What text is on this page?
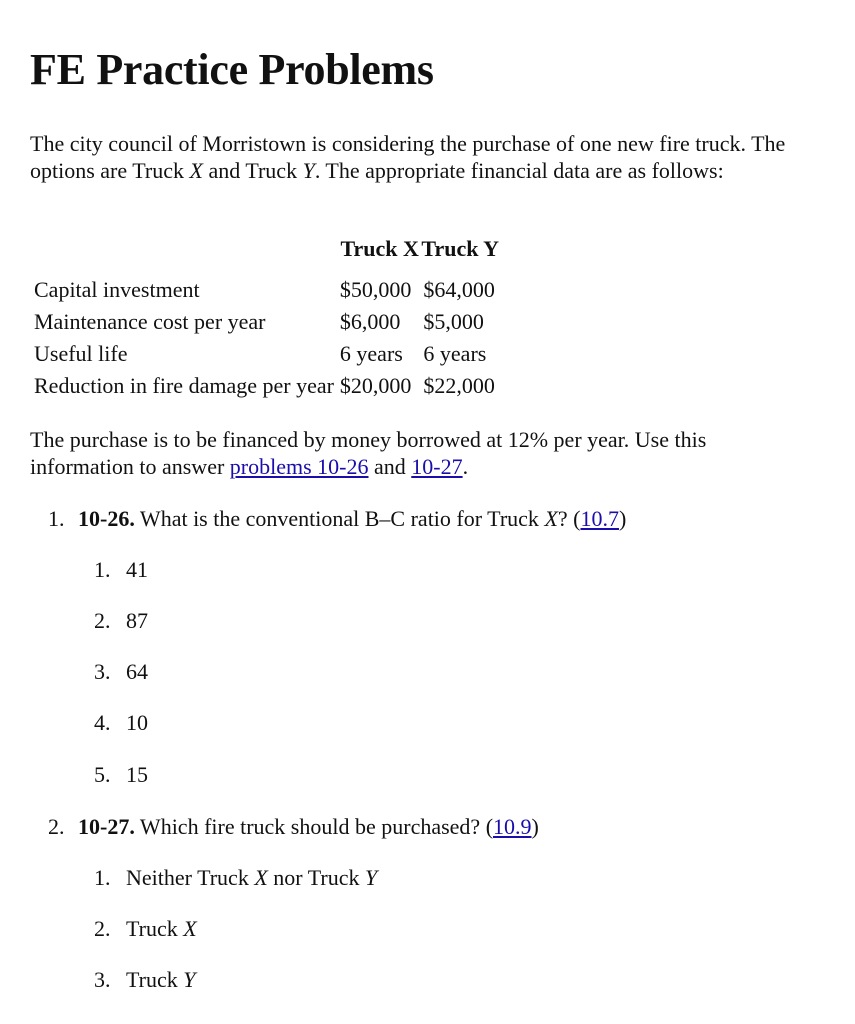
FE Practice Problems

The city council of Morristown is considering the purchase of one new fire truck. The options are Truck X and Truck Y. The appropriate financial data are as follows:

	Truck X	Truck Y
Capital investment	$50,000	$64,000
Maintenance cost per year	$6,000	$5,000
Useful life	6 years	6 years
Reduction in fire damage per year	$20,000	$22,000

The purchase is to be financed by money borrowed at 12% per year. Use this information to answer problems 10-26 and 10-27.

1. 10-26. What is the conventional B–C ratio for Truck X? (10.7)
1. 41
2. 87
3. 64
4. 10
5. 15
2. 10-27. Which fire truck should be purchased? (10.9)
1. Neither Truck X nor Truck Y
2. Truck X
3. Truck Y
